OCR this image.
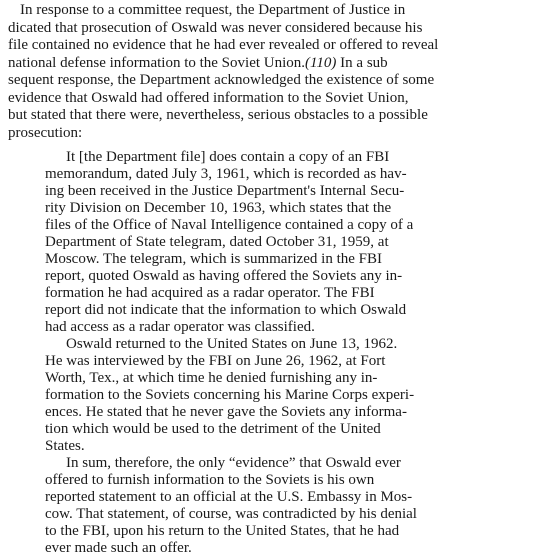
In response to a committee request, the Department of Justice in
dicated that prosecution of Oswald was never considered because his
file contained no evidence that he had ever revealed or offered to reveal
national defense information to the Soviet Union.(110) In a sub
sequent response, the Department acknowledged the existence of some
evidence that Oswald had offered information to the Soviet Union,
but stated that there were, nevertheless, serious obstacles to a possible
prosecution:
It [the Department file] does contain a copy of an FBI
memorandum, dated July 3, 1961, which is recorded as hav-
ing been received in the Justice Department's Internal Secu-
rity Division on December 10, 1963, which states that the
files of the Office of Naval Intelligence contained a copy of a
Department of State telegram, dated October 31, 1959, at
Moscow. The telegram, which is summarized in the FBI
report, quoted Oswald as having offered the Soviets any in-
formation he had acquired as a radar operator. The FBI
report did not indicate that the information to which Oswald
had access as a radar operator was classified.
Oswald returned to the United States on June 13, 1962.
He was interviewed by the FBI on June 26, 1962, at Fort
Worth, Tex., at which time he denied furnishing any in-
formation to the Soviets concerning his Marine Corps experi-
ences. He stated that he never gave the Soviets any informa-
tion which would be used to the detriment of the United
States.
In sum, therefore, the only “evidence” that Oswald ever
offered to furnish information to the Soviets is his own
reported statement to an official at the U.S. Embassy in Mos-
cow. That statement, of course, was contradicted by his denial
to the FBI, upon his return to the United States, that he had
ever made such an offer.
